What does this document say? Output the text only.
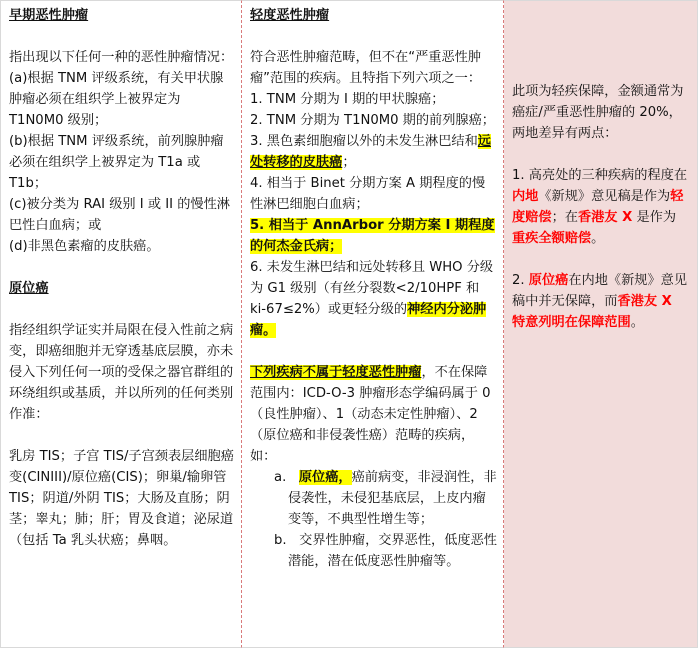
早期恶性肿瘤

指出现以下任何一种的恶性肿瘤情况：

(a)根据 TNM 评级系统，有关甲状腺肿瘤必须在组织学上被界定为 T1N0M0 级别；

(b)根据 TNM 评级系统，前列腺肿瘤必须在组织学上被界定为 T1a 或 T1b；

(c)被分类为 RAI 级别 I 或 II 的慢性淋巴性白血病；或

(d)非黑色素瘤的皮肤癌。

原位癌

指经组织学证实并局限在侵入性前之病变，即癌细胞并无穿透基底层膜，亦未侵入下列任何一项的受保之器官群组的环绕组织或基质，并以所列的任何类别作准：

乳房 TIS；子宫 TIS/子宫颈表层细胞癌变(CINIII)/原位癌(CIS)；卵巢/输卵管 TIS；阴道/外阴 TIS；大肠及直肠；阴茎；睾丸；肺；肝；胃及食道；泌尿道（包括 Ta 乳头状癌；鼻咽。

轻度恶性肿瘤

符合恶性肿瘤范畴，但不在“严重恶性肿瘤”范围的疾病。且特指下列六项之一：

1. TNM 分期为 I 期的甲状腺癌；

2. TNM 分期为 T1N0M0 期的前列腺癌；

3. 黑色素细胞瘤以外的未发生淋巴结和远处转移的皮肤癌；

4. 相当于 Binet 分期方案 A 期程度的慢性淋巴细胞白血病；

5. 相当于 AnnArbor 分期方案 I 期程度的何杰金氏病；

6. 未发生淋巴结和远处转移且 WHO 分级为 G1 级别（有丝分裂数<2/10HPF 和 ki-67≤2%）或更轻分级的神经内分泌肿瘤。

下列疾病不属于轻度恶性肿瘤，不在保障范围内：ICD-O-3 肿瘤形态学编码属于 0（良性肿瘤）、1（动态未定性肿瘤）、2（原位癌和非侵袭性癌）范畴的疾病，如：

a. 原位癌，癌前病变，非浸润性，非侵袭性，未侵犯基底层，上皮内瘤变等，不典型性增生等；

b. 交界性肿瘤，交界恶性，低度恶性潜能，潜在低度恶性肿瘤等。

此项为轻疾保障，金额通常为癌症/严重恶性肿瘤的 20%，两地差异有两点：

1. 高亮处的三种疾病的程度在内地《新规》意见稿是作为轻度赔偿；在香港友 X 是作为重疾全额赔偿。

2. 原位癌在内地《新规》意见稿中并无保障，而香港友 X 特意列明在保障范围。
